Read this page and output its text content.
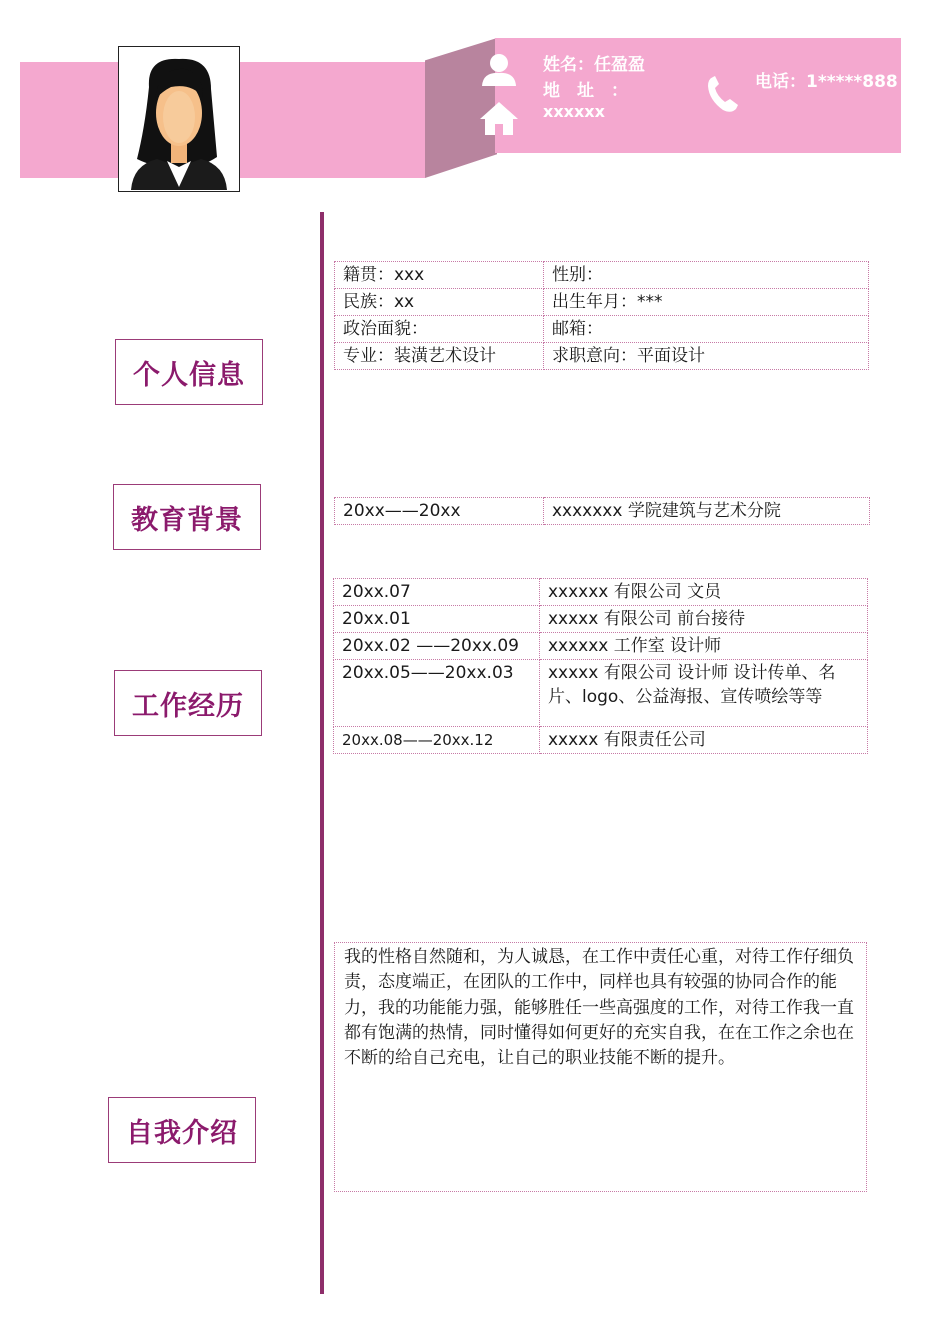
姓名：任盈盈
地　址　：
xxxxxx
电话：1*****888
个人信息
教育背景
工作经历
自我介绍
籍贯：xxx	性别：
民族：xx	出生年月：***
政治面貌：	邮箱：
专业：装潢艺术设计	求职意向：平面设计
20xx——20xx	xxxxxxx 学院建筑与艺术分院
20xx.07	xxxxxx 有限公司 文员
20xx.01	xxxxx 有限公司 前台接待
20xx.02 ——20xx.09	xxxxxx 工作室 设计师
20xx.05——20xx.03	xxxxx 有限公司 设计师 设计传单、名片、logo、公益海报、宣传喷绘等等
20xx.08——20xx.12	xxxxx 有限责任公司
我的性格自然随和，为人诚恳，在工作中责任心重，对待工作仔细负责，态度端正，在团队的工作中，同样也具有较强的协同合作的能力，我的功能能力强，能够胜任一些高强度的工作，对待工作我一直都有饱满的热情，同时懂得如何更好的充实自我，在在工作之余也在不断的给自己充电，让自己的职业技能不断的提升。
